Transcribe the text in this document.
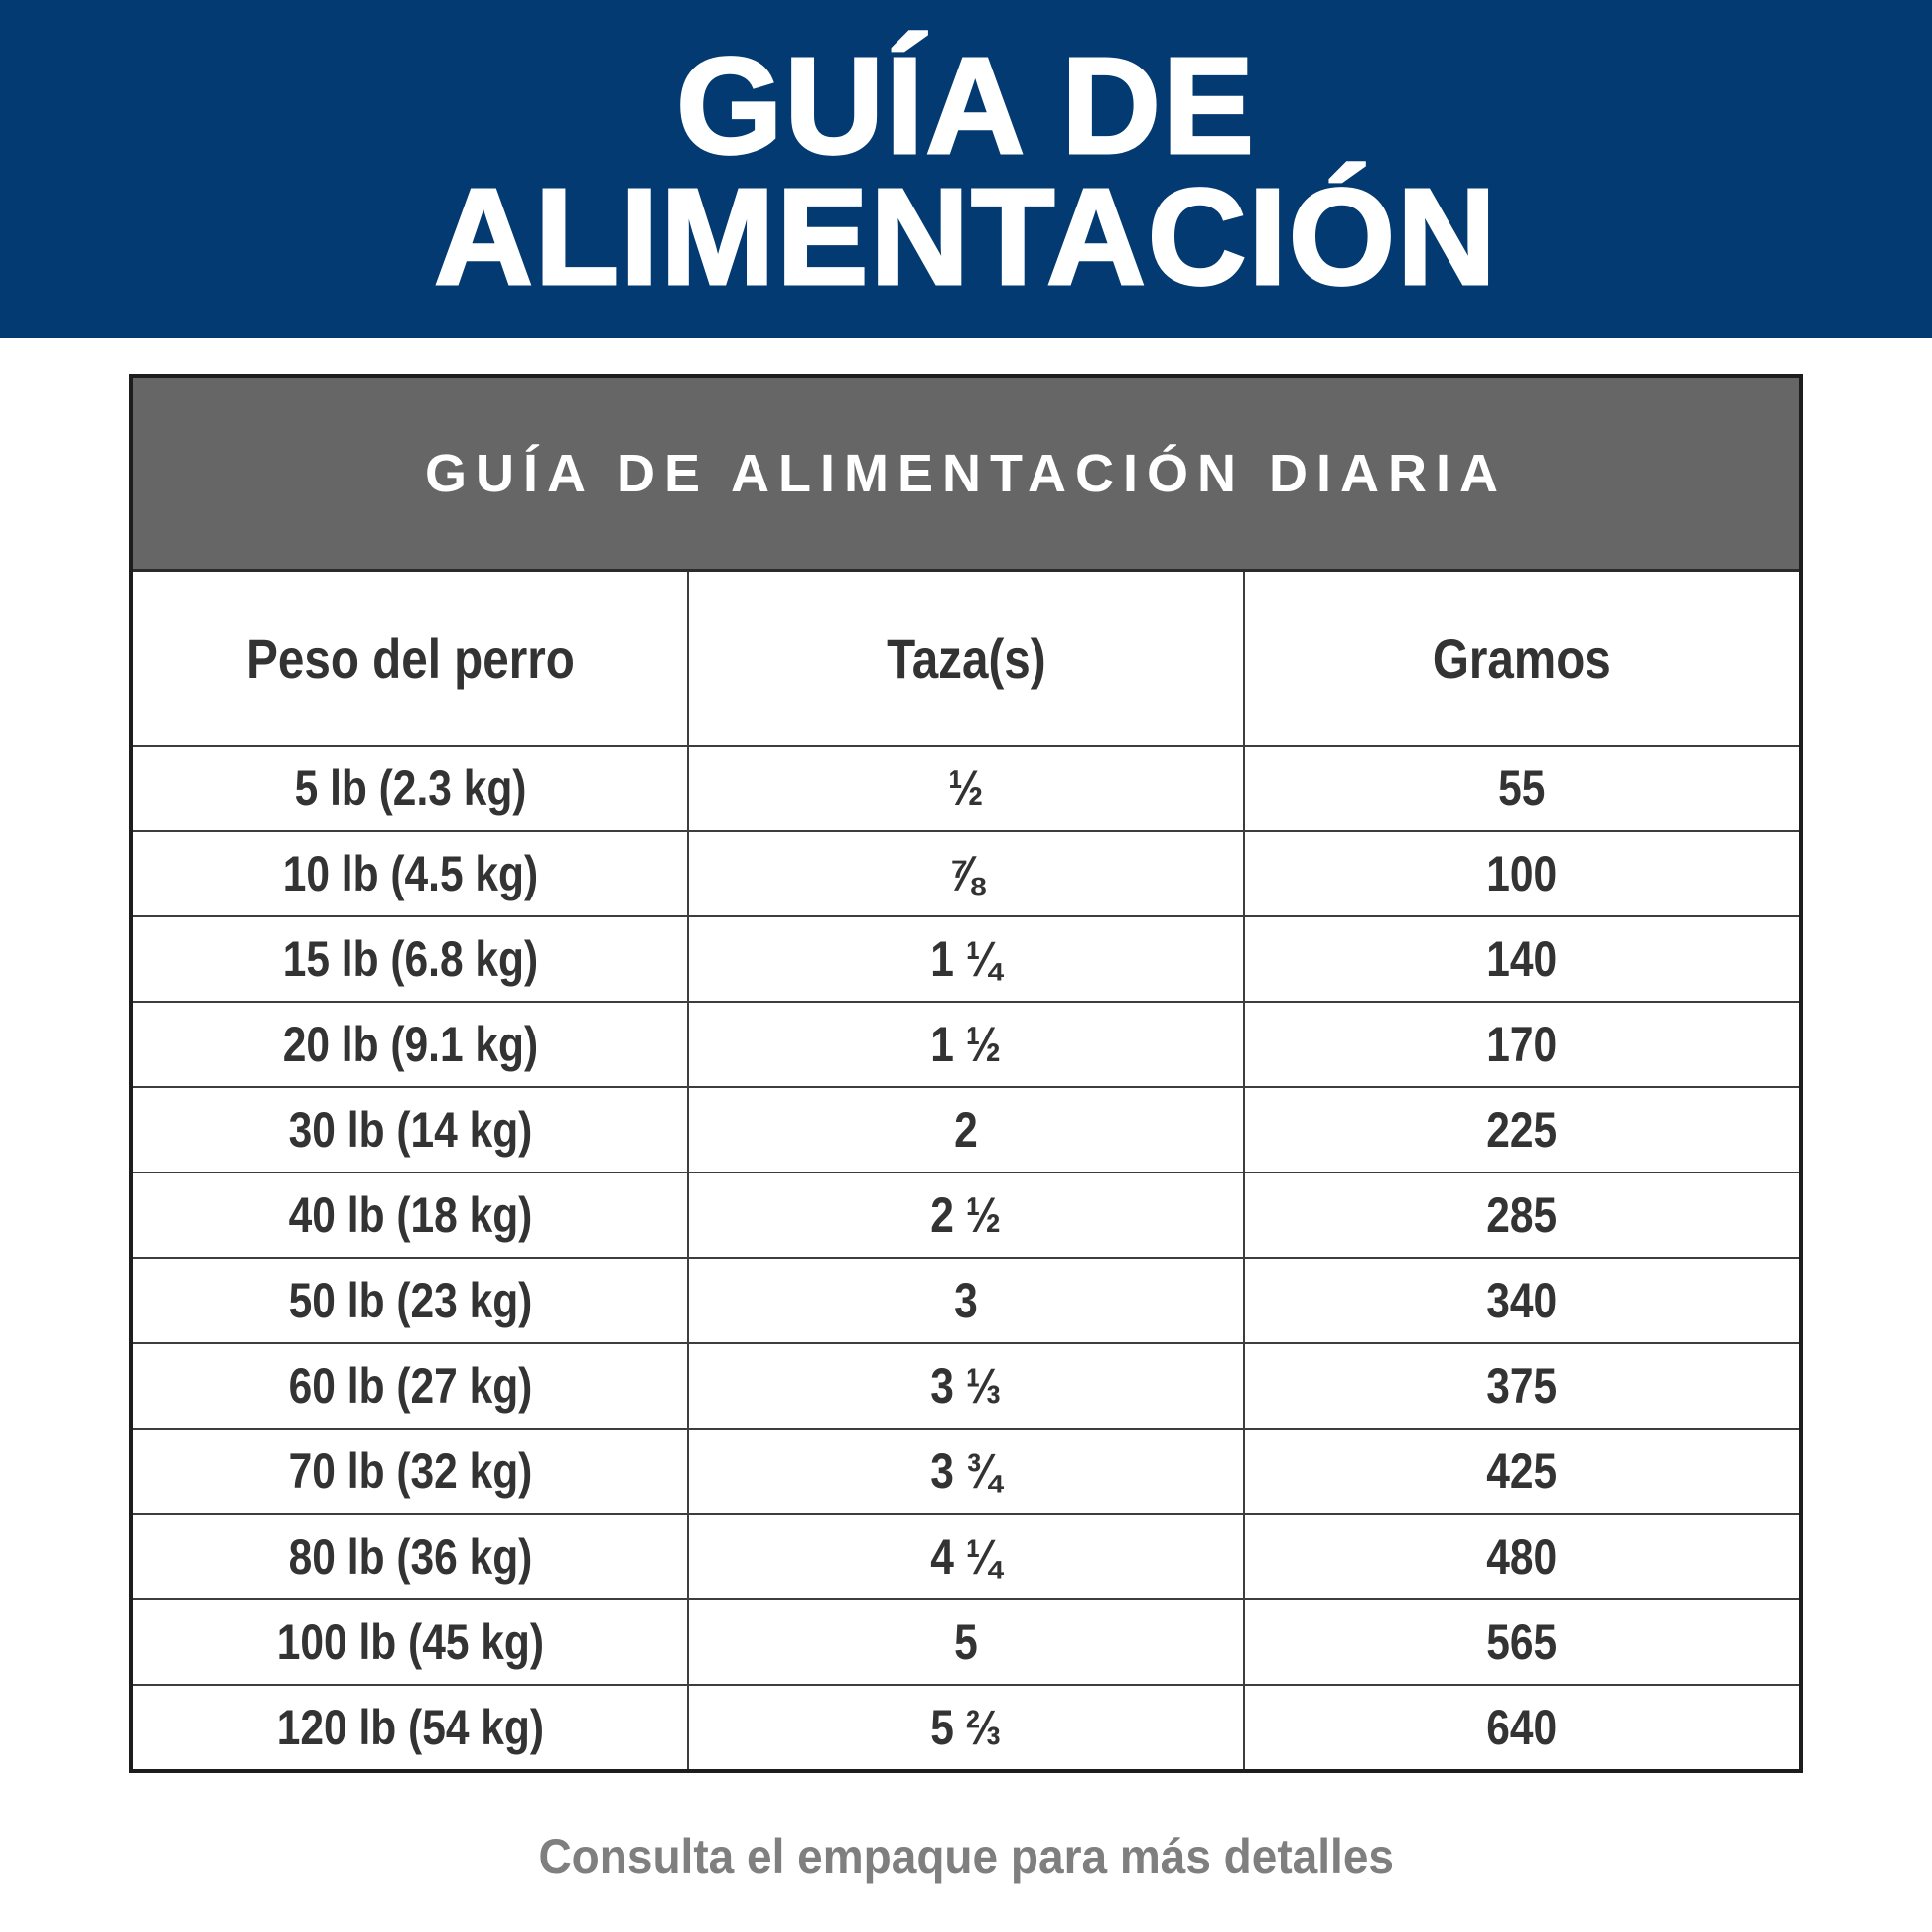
GUÍA DE
ALIMENTACIÓN
GUÍA DE ALIMENTACIÓN DIARIA
Peso del perro	Taza(s)	Gramos
5 lb (2.3 kg)	½	55
10 lb (4.5 kg)	⅞	100
15 lb (6.8 kg)	1 ¼	140
20 lb (9.1 kg)	1 ½	170
30 lb (14 kg)	2	225
40 lb (18 kg)	2 ½	285
50 lb (23 kg)	3	340
60 lb (27 kg)	3 ⅓	375
70 lb (32 kg)	3 ¾	425
80 lb (36 kg)	4 ¼	480
100 lb (45 kg)	5	565
120 lb (54 kg)	5 ⅔	640
Consulta el empaque para más detalles
